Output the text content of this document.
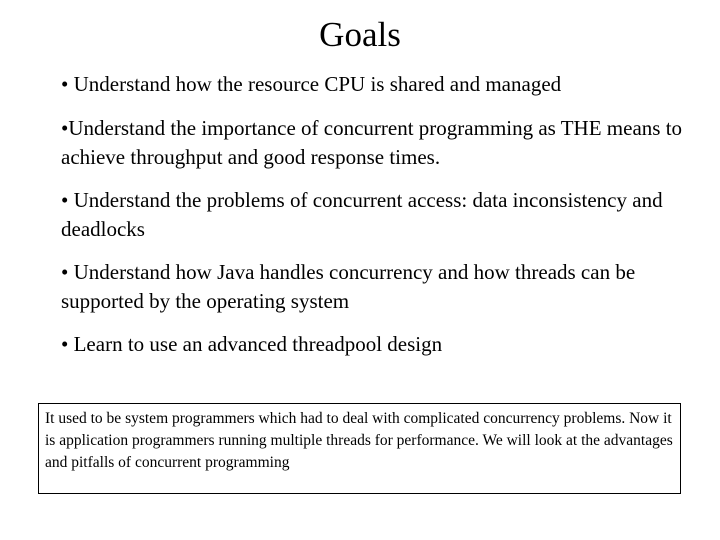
Goals
• Understand how the resource CPU is shared and managed
•Understand the importance of concurrent programming as THE means to achieve throughput and good response times.
• Understand the problems of concurrent access: data inconsistency and deadlocks
• Understand how Java handles concurrency and how threads can be supported by the operating system
• Learn to use an advanced threadpool design
It used to be system programmers which had to deal with complicated concurrency problems. Now it is application programmers running multiple threads for performance. We will look at the advantages and pitfalls of concurrent programming
